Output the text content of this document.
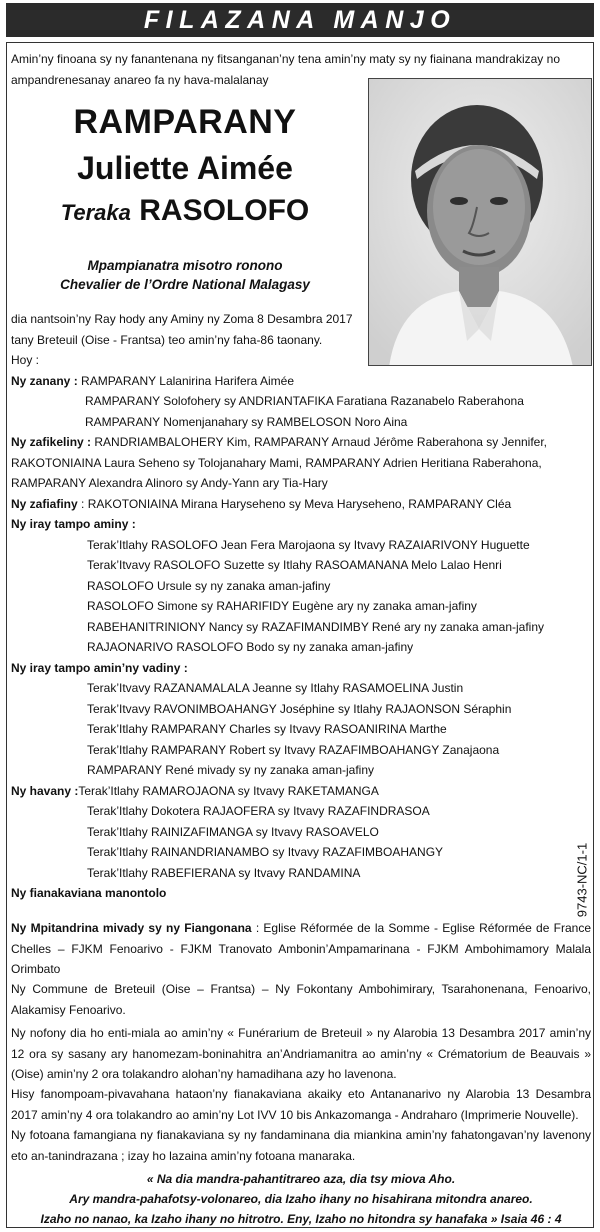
FILAZANA MANJO
Amin’ny finoana sy ny fanantenana ny fitsanganan’ny tena amin’ny maty sy ny fiainana mandrakizay no ampandrenesanay anareo fa ny hava-malalanay
RAMPARANY
Juliette Aimée
Teraka RASOLOFO
Mpampianatra misotro ronono
Chevalier de l’Ordre National Malagasy
dia nantsoin’ny Ray hody any Aminy ny Zoma 8 Desambra 2017
tany Breteuil (Oise - Frantsa) teo amin’ny faha-86 taonany.
Hoy :
Ny zanany : RAMPARANY Lalanirina Harifera Aimée
RAMPARANY Solofohery sy ANDRIANTAFIKA Faratiana Razanabelo Raberahona
RAMPARANY Nomenjanahary sy RAMBELOSON Noro Aina
Ny zafikeliny : RANDRIAMBALOHERY Kim, RAMPARANY Arnaud Jérôme Raberahona sy Jennifer,
RAKOTONIAINA Laura Seheno sy Tolojanahary Mami, RAMPARANY Adrien Heritiana Raberahona,
RAMPARANY Alexandra Alinoro sy Andy-Yann ary Tia-Hary
Ny zafiafiny : RAKOTONIAINA Mirana Haryseheno sy Meva Haryseheno, RAMPARANY Cléa
Ny iray tampo aminy :
Terak’Itlahy RASOLOFO Jean Fera Marojaona sy Itvavy RAZAIARIVONY Huguette
Terak’Itvavy RASOLOFO Suzette sy Itlahy RASOAMANANA Melo Lalao Henri
RASOLOFO Ursule sy ny zanaka aman-jafiny
RASOLOFO Simone sy RAHARIFIDY Eugène ary ny zanaka aman-jafiny
RABEHANITRINIONY Nancy sy RAZAFIMANDIMBY René ary ny zanaka aman-jafiny
RAJAONARIVO RASOLOFO Bodo sy ny zanaka aman-jafiny
Ny iray tampo amin’ny vadiny :
Terak’Itvavy RAZANAMALALA Jeanne sy Itlahy RASAMOELINA Justin
Terak’Itvavy RAVONIMBOAHANGY Joséphine sy Itlahy RAJAONSON Séraphin
Terak’Itlahy RAMPARANY Charles sy Itvavy RASOANIRINA Marthe
Terak’Itlahy RAMPARANY Robert sy Itvavy RAZAFIMBOAHANGY Zanajaona
RAMPARANY René mivady sy ny zanaka aman-jafiny
Ny havany :Terak’Itlahy RAMAROJAONA sy Itvavy RAKETAMANGA
Terak’Itlahy Dokotera RAJAOFERA sy Itvavy RAZAFINDRASOA
Terak’Itlahy RAINIZAFIMANGA sy Itvavy RASOAVELO
Terak’Itlahy RAINANDRIANAMBO sy Itvavy RAZAFIMBOAHANGY
Terak’Itlahy RABEFIERANA sy Itvavy RANDAMINA
Ny fianakaviana manontolo	9743-NC/1-1
Ny Mpitandrina mivady sy ny Fiangonana : Eglise Réformée de la Somme - Eglise Réformée de France Chelles – FJKM Fenoarivo - FJKM Tranovato Ambonin’Ampamarinana - FJKM Ambohimamory Malala Orimbato
Ny Commune de Breteuil (Oise – Frantsa) – Ny Fokontany Ambohimirary, Tsarahonenana, Fenoarivo, Alakamisy Fenoarivo.
Ny nofony dia ho enti-miala ao amin’ny « Funérarium de Breteuil » ny Alarobia 13 Desambra 2017 amin’ny 12 ora sy sasany ary hanomezam-boninahitra an’Andriamanitra ao amin’ny « Crématorium de Beauvais » (Oise) amin’ny 2 ora tolakandro alohan’ny hamadihana azy ho lavenona.
Hisy fanompoam-pivavahana hataon’ny fianakaviana akaiky eto Antananarivo ny Alarobia 13 Desambra 2017 amin’ny 4 ora tolakandro ao amin’ny Lot IVV 10 bis Ankazomanga - Andraharo (Imprimerie Nouvelle).
Ny fotoana famangiana ny fianakaviana sy ny fandaminana dia miankina amin’ny fahatongavan’ny lavenony eto an-tanindrazana ; izay ho lazaina amin’ny fotoana manaraka.
« Na dia mandra-pahantitrareo aza, dia tsy miova Aho.
Ary mandra-pahafotsy-volonareo, dia Izaho ihany no hisahirana mitondra anareo.
Izaho no nanao, ka Izaho ihany no hitrotro. Eny, Izaho no hitondra sy hanafaka » Isaia 46 : 4
